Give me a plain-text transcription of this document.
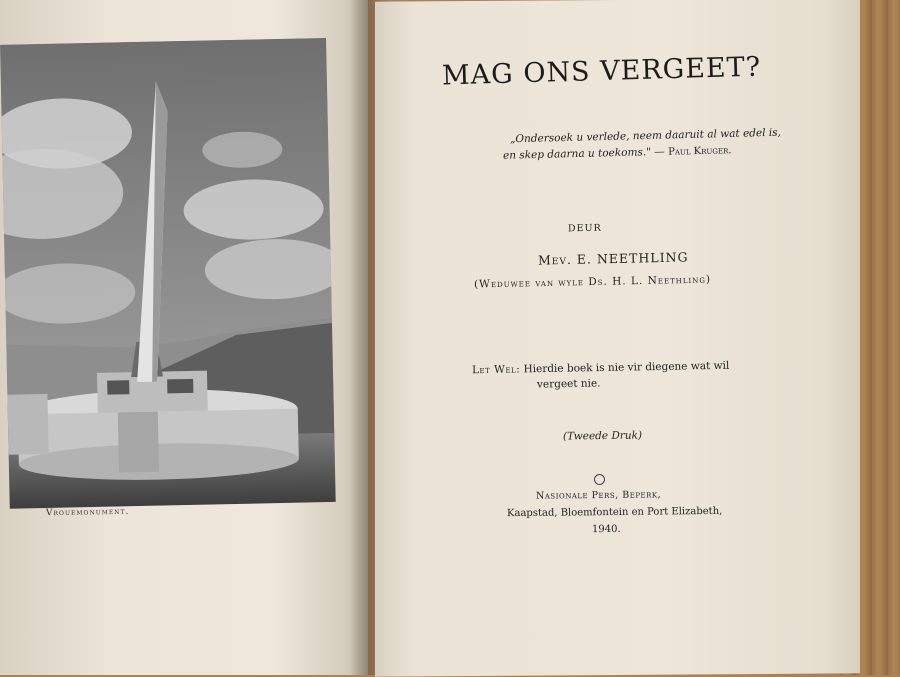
Vrouemonument.
MAG ONS VERGEET?
„Ondersoek u verlede, neem daaruit al wat edel is,
en skep daarna u toekoms." — Paul Kruger.
DEUR
Mev. E. NEETHLING
(Weduwee van wyle Ds. H. L. Neethling)
Let Wel: Hierdie boek is nie vir diegene wat wil
vergeet nie.
(Tweede Druk)
Nasionale Pers, Beperk,
Kaapstad, Bloemfontein en Port Elizabeth,
1940.
